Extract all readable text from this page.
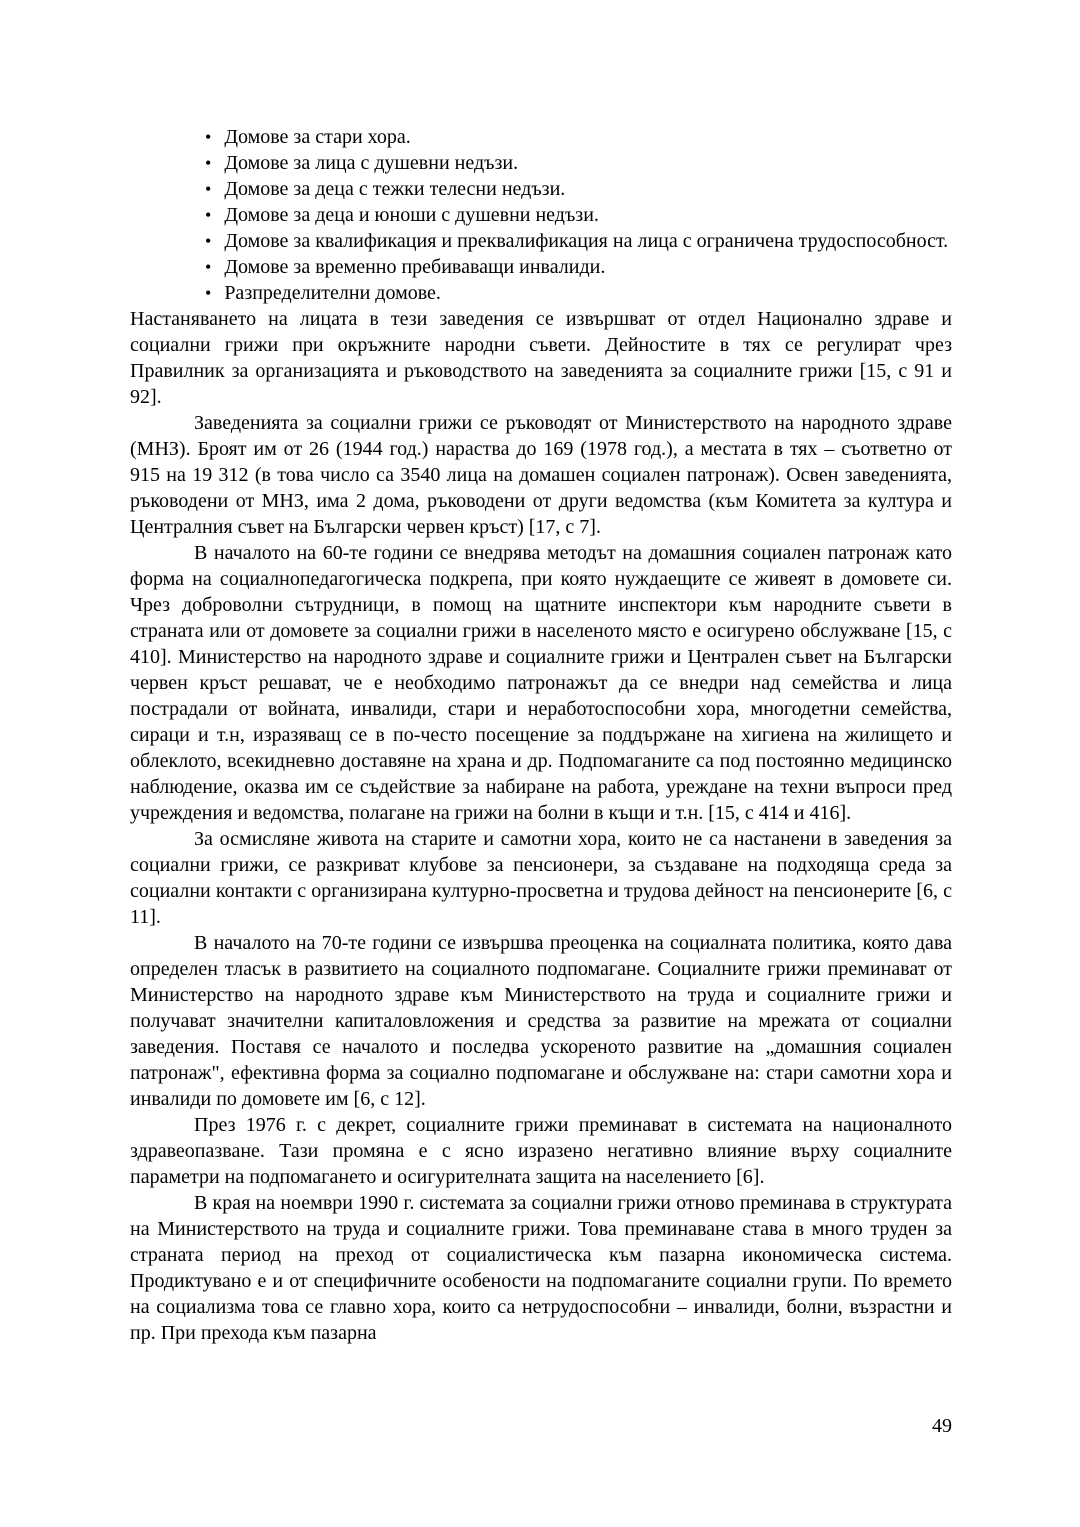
• Домове за стари хора.
• Домове за лица с душевни недъзи.
• Домове за деца с тежки телесни недъзи.
• Домове за деца и юноши с душевни недъзи.
• Домове за квалификация и преквалификация на лица с ограничена трудоспособност.
• Домове за временно пребиваващи инвалиди.
• Разпределителни домове.

Настаняването на лицата в тези заведения се извършват от отдел Национално здраве и социални грижи при окръжните народни съвети. Дейностите в тях се регулират чрез Правилник за организацията и ръководството на заведенията за социалните грижи [15, с 91 и 92].

Заведенията за социални грижи се ръководят от Министерството на народното здраве (МНЗ). Броят им от 26 (1944 год.) нараства до 169 (1978 год.), а местата в тях – съответно от 915 на 19 312 (в това число са 3540 лица на домашен социален патронаж). Освен заведенията, ръководени от МНЗ, има 2 дома, ръководени от други ведомства (към Комитета за култура и Централния съвет на Български червен кръст) [17, с 7].

В началото на 60-те години се внедрява методът на домашния социален патронаж като форма на социалнопедагогическа подкрепа, при която нуждаещите се живеят в домовете си. Чрез доброволни сътрудници, в помощ на щатните инспектори към народните съвети в страната или от домовете за социални грижи в населеното място е осигурено обслужване [15, с 410]. Министерство на народното здраве и социалните грижи и Централен съвет на Български червен кръст решават, че е необходимо патронажът да се внедри над семейства и лица пострадали от войната, инвалиди, стари и неработоспособни хора, многодетни семейства, сираци и т.н, изразяващ се в по-често посещение за поддържане на хигиена на жилището и облеклото, всекидневно доставяне на храна и др. Подпомаганите са под постоянно медицинско наблюдение, оказва им се съдействие за набиране на работа, уреждане на техни въпроси пред учреждения и ведомства, полагане на грижи на болни в къщи и т.н. [15, с 414 и 416].

За осмисляне живота на старите и самотни хора, които не са настанени в заведения за социални грижи, се разкриват клубове за пенсионери, за създаване на подходяща среда за социални контакти с организирана културно-просветна и трудова дейност на пенсионерите [6, с 11].

В началото на 70-те години се извършва преоценка на социалната политика, която дава определен тласък в развитието на социалното подпомагане. Социалните грижи преминават от Министерство на народното здраве към Министерството на труда и социалните грижи и получават значителни капиталовложения и средства за развитие на мрежата от социални заведения. Поставя се началото и последва ускореното развитие на „домашния социален патронаж", ефективна форма за социално подпомагане и обслужване на: стари самотни хора и инвалиди по домовете им [6, с 12].

През 1976 г. с декрет, социалните грижи преминават в системата на националното здравеопазване. Тази промяна е с ясно изразено негативно влияние върху социалните параметри на подпомагането и осигурителната защита на населението [6].

В края на ноември 1990 г. системата за социални грижи отново преминава в структурата на Министерството на труда и социалните грижи. Това преминаване става в много труден за страната период на преход от социалистическа към пазарна икономическа система. Продиктувано е и от специфичните особености на подпомаганите социални групи. По времето на социализма това се главно хора, които са нетрудоспособни – инвалиди, болни, възрастни и пр. При прехода към пазарна

49
